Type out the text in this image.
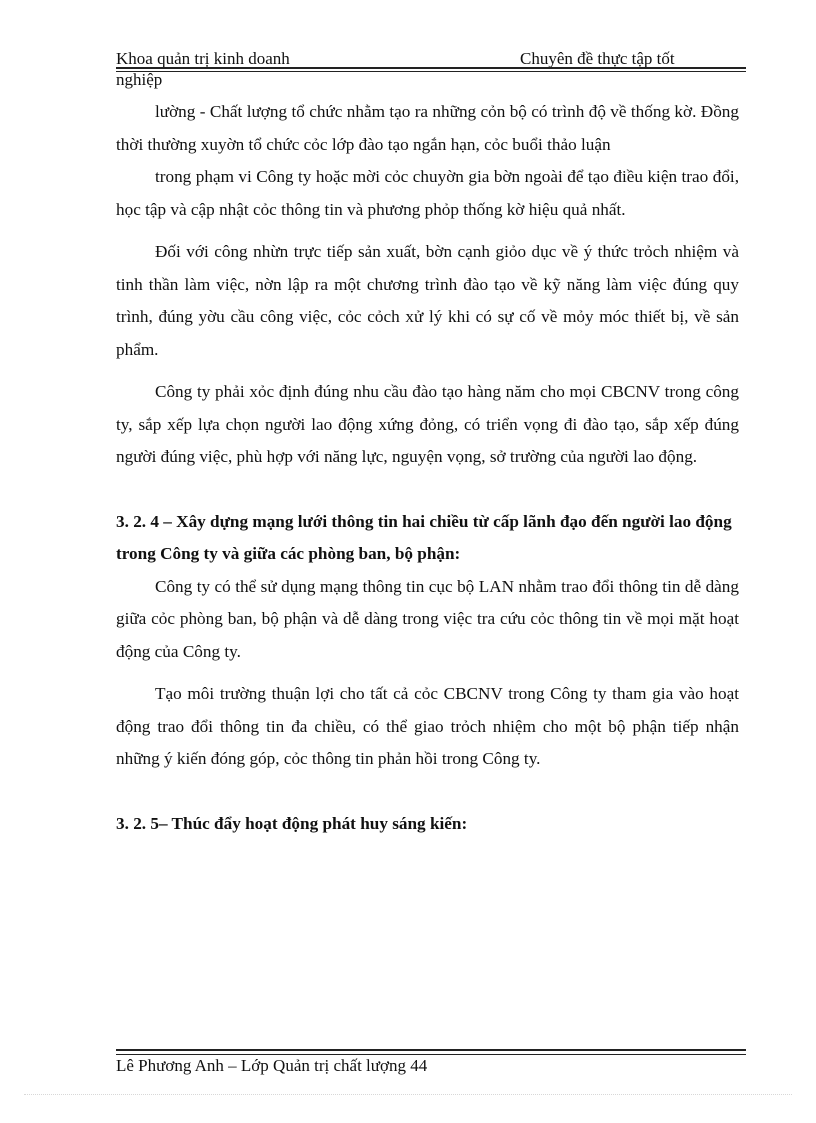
Khoa quản trị kinh doanh	Chuyên đề thực tập tốt
nghiệp

lường - Chất lượng tổ chức nhằm tạo ra những cỏn bộ có trình độ về thống kờ. Đồng thời thường xuyờn tổ chức cỏc lớp đào tạo ngắn hạn, cỏc buổi thảo luận

trong phạm vi Công ty hoặc mời cỏc chuyờn gia bờn ngoài để tạo điều kiện trao đổi, học tập và cập nhật cỏc thông tin và phương phỏp thống kờ hiệu quả nhất.

Đối với công nhừn trực tiếp sản xuất, bờn cạnh giỏo dục về ý thức trỏch nhiệm và tinh thần làm việc, nờn lập ra một chương trình đào tạo về kỹ năng làm việc đúng quy trình, đúng yờu cầu công việc, cỏc cỏch xử lý khi có sự cố về mỏy móc thiết bị, về sản phẩm.

Công ty phải xỏc định đúng nhu cầu đào tạo hàng năm cho mọi CBCNV trong công ty, sắp xếp lựa chọn người lao động xứng đỏng, có triển vọng đi đào tạo, sắp xếp đúng người đúng việc, phù hợp với năng lực, nguyện vọng, sở trường của người lao động.

3. 2. 4 – Xây dựng mạng lưới thông tin hai chiều từ cấp lãnh đạo đến người lao động trong Công ty và giữa các phòng ban, bộ phận:

Công ty có thể sử dụng mạng thông tin cục bộ LAN nhằm trao đổi thông tin dễ dàng giữa cỏc phòng ban, bộ phận và dễ dàng trong việc tra cứu cỏc thông tin về mọi mặt hoạt động của Công ty.

Tạo môi trường thuận lợi cho tất cả cỏc CBCNV trong Công ty tham gia vào hoạt động trao đổi thông tin đa chiều, có thể giao trỏch nhiệm cho một bộ phận tiếp nhận những ý kiến đóng góp, cỏc thông tin phản hồi trong Công ty.

3. 2. 5– Thúc đẩy hoạt động phát huy sáng kiến:
Lê Phương Anh – Lớp Quản trị chất lượng 44
